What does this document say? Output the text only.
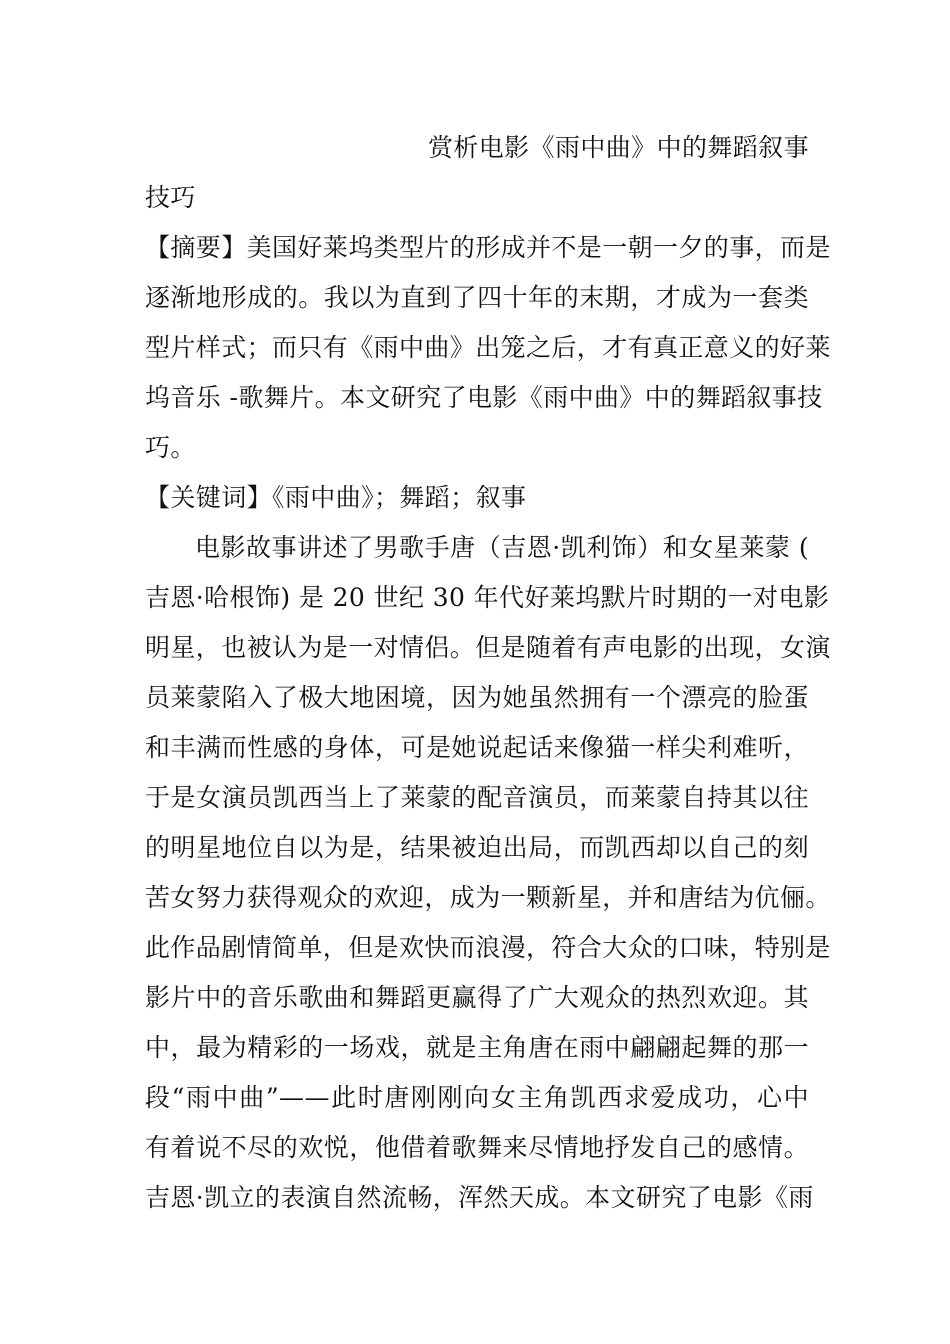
赏析电影《雨中曲》中的舞蹈叙事
技巧
【摘要】美国好莱坞类型片的形成并不是一朝一夕的事，而是
逐渐地形成的。我以为直到了四十年的末期，才成为一套类
型片样式；而只有《雨中曲》出笼之后，才有真正意义的好莱
坞音乐 -歌舞片。本文研究了电影《雨中曲》中的舞蹈叙事技
巧。
【关键词】《雨中曲》；舞蹈；叙事
电影故事讲述了男歌手唐（吉恩·凯利饰）和女星莱蒙 (
吉恩·哈根饰) 是 20 世纪 30 年代好莱坞默片时期的一对电影
明星，也被认为是一对情侣。但是随着有声电影的出现，女演
员莱蒙陷入了极大地困境，因为她虽然拥有一个漂亮的脸蛋
和丰满而性感的身体，可是她说起话来像猫一样尖利难听，
于是女演员凯西当上了莱蒙的配音演员，而莱蒙自持其以往
的明星地位自以为是，结果被迫出局，而凯西却以自己的刻
苦女努力获得观众的欢迎，成为一颗新星，并和唐结为伉俪。
此作品剧情简单，但是欢快而浪漫，符合大众的口味，特别是
影片中的音乐歌曲和舞蹈更赢得了广大观众的热烈欢迎。其
中，最为精彩的一场戏，就是主角唐在雨中翩翩起舞的那一
段“雨中曲”——此时唐刚刚向女主角凯西求爱成功，心中
有着说不尽的欢悦，他借着歌舞来尽情地抒发自己的感情。
吉恩·凯立的表演自然流畅，浑然天成。本文研究了电影《雨
